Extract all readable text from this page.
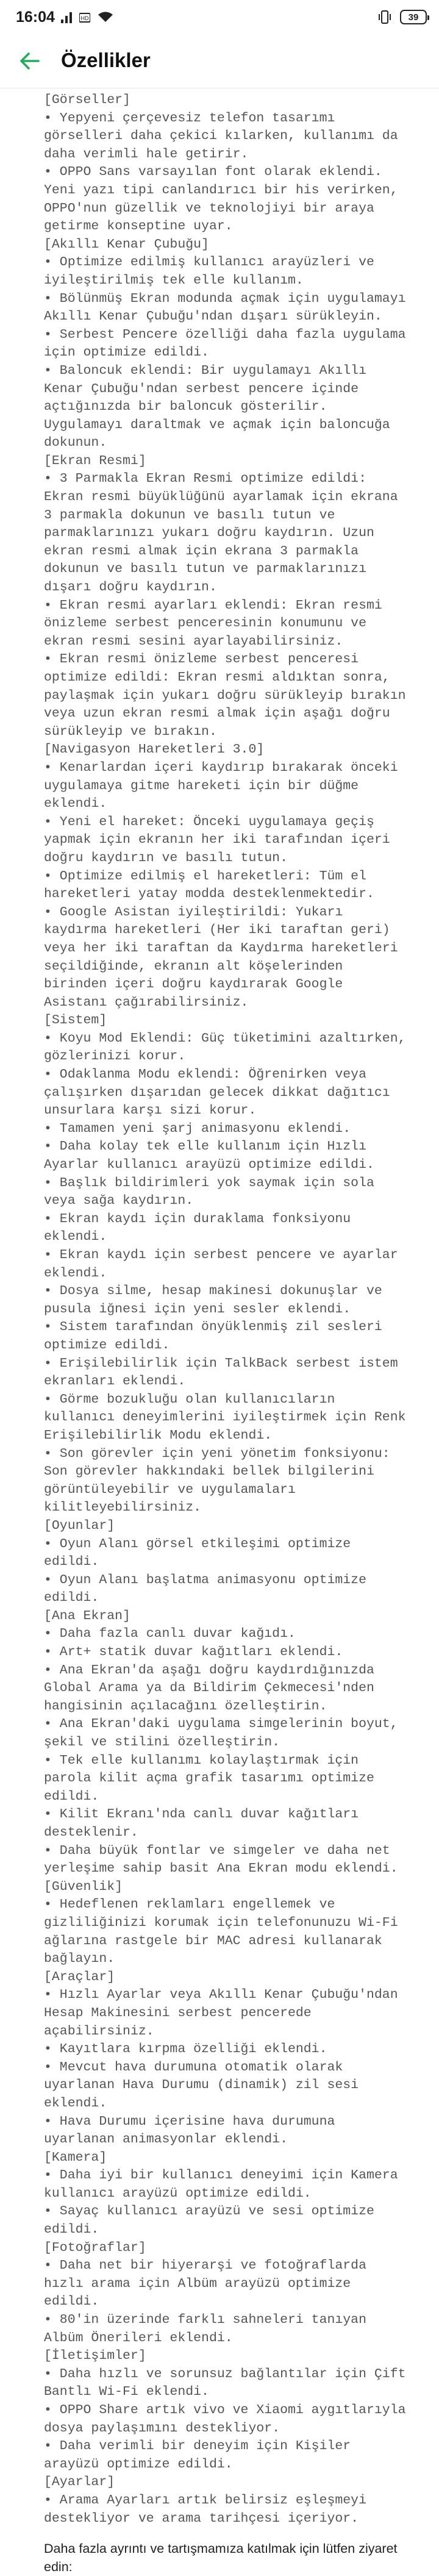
16:04	HD	39
Özellikler
[Görseller]
• Yepyeni çerçevesiz telefon tasarımı görselleri daha çekici kılarken, kullanımı da daha verimli hale getirir.
• OPPO Sans varsayılan font olarak eklendi. Yeni yazı tipi canlandırıcı bir his verirken, OPPO'nun güzellik ve teknolojiyi bir araya getirme konseptine uyar.
[Akıllı Kenar Çubuğu]
• Optimize edilmiş kullanıcı arayüzleri ve iyileştirilmiş tek elle kullanım.
• Bölünmüş Ekran modunda açmak için uygulamayı Akıllı Kenar Çubuğu'ndan dışarı sürükleyin.
• Serbest Pencere özelliği daha fazla uygulama için optimize edildi.
• Baloncuk eklendi: Bir uygulamayı Akıllı Kenar Çubuğu'ndan serbest pencere içinde açtığınızda bir baloncuk gösterilir. Uygulamayı daraltmak ve açmak için baloncuğa dokunun.
[Ekran Resmi]
• 3 Parmakla Ekran Resmi optimize edildi: Ekran resmi büyüklüğünü ayarlamak için ekrana 3 parmakla dokunun ve basılı tutun ve parmaklarınızı yukarı doğru kaydırın. Uzun ekran resmi almak için ekrana 3 parmakla dokunun ve basılı tutun ve parmaklarınızı dışarı doğru kaydırın.
• Ekran resmi ayarları eklendi: Ekran resmi önizleme serbest penceresinin konumunu ve ekran resmi sesini ayarlayabilirsiniz.
• Ekran resmi önizleme serbest penceresi optimize edildi: Ekran resmi aldıktan sonra, paylaşmak için yukarı doğru sürükleyip bırakın veya uzun ekran resmi almak için aşağı doğru sürükleyip ve bırakın.
[Navigasyon Hareketleri 3.0]
• Kenarlardan içeri kaydırıp bırakarak önceki uygulamaya gitme hareketi için bir düğme eklendi.
• Yeni el hareket: Önceki uygulamaya geçiş yapmak için ekranın her iki tarafından içeri doğru kaydırın ve basılı tutun.
• Optimize edilmiş el hareketleri: Tüm el hareketleri yatay modda desteklenmektedir.
• Google Asistan iyileştirildi: Yukarı kaydırma hareketleri (Her iki taraftan geri) veya her iki taraftan da Kaydırma hareketleri seçildiğinde, ekranın alt köşelerinden birinden içeri doğru kaydırarak Google Asistanı çağırabilirsiniz.
[Sistem]
• Koyu Mod Eklendi: Güç tüketimini azaltırken, gözlerinizi korur.
• Odaklanma Modu eklendi: Öğrenirken veya çalışırken dışarıdan gelecek dikkat dağıtıcı unsurlara karşı sizi korur.
• Tamamen yeni şarj animasyonu eklendi.
• Daha kolay tek elle kullanım için Hızlı Ayarlar kullanıcı arayüzü optimize edildi.
• Başlık bildirimleri yok saymak için sola veya sağa kaydırın.
• Ekran kaydı için duraklama fonksiyonu eklendi.
• Ekran kaydı için serbest pencere ve ayarlar eklendi.
• Dosya silme, hesap makinesi dokunuşlar ve pusula iğnesi için yeni sesler eklendi.
• Sistem tarafından önyüklenmiş zil sesleri optimize edildi.
• Erişilebilirlik için TalkBack serbest istem ekranları eklendi.
• Görme bozukluğu olan kullanıcıların kullanıcı deneyimlerini iyileştirmek için Renk Erişilebilirlik Modu eklendi.
• Son görevler için yeni yönetim fonksiyonu: Son görevler hakkındaki bellek bilgilerini görüntüleyebilir ve uygulamaları kilitleyebilirsiniz.
[Oyunlar]
• Oyun Alanı görsel etkileşimi optimize edildi.
• Oyun Alanı başlatma animasyonu optimize edildi.
[Ana Ekran]
• Daha fazla canlı duvar kağıdı.
• Art+ statik duvar kağıtları eklendi.
• Ana Ekran'da aşağı doğru kaydırdığınızda Global Arama ya da Bildirim Çekmecesi'nden hangisinin açılacağını özelleştirin.
• Ana Ekran'daki uygulama simgelerinin boyut, şekil ve stilini özelleştirin.
• Tek elle kullanımı kolaylaştırmak için parola kilit açma grafik tasarımı optimize edildi.
• Kilit Ekranı'nda canlı duvar kağıtları desteklenir.
• Daha büyük fontlar ve simgeler ve daha net yerleşime sahip basit Ana Ekran modu eklendi.
[Güvenlik]
• Hedeflenen reklamları engellemek ve gizliliğinizi korumak için telefonunuzu Wi-Fi ağlarına rastgele bir MAC adresi kullanarak bağlayın.
[Araçlar]
• Hızlı Ayarlar veya Akıllı Kenar Çubuğu'ndan Hesap Makinesini serbest pencerede açabilirsiniz.
• Kayıtlara kırpma özelliği eklendi.
• Mevcut hava durumuna otomatik olarak uyarlanan Hava Durumu (dinamik) zil sesi eklendi.
• Hava Durumu içerisine hava durumuna uyarlanan animasyonlar eklendi.
[Kamera]
• Daha iyi bir kullanıcı deneyimi için Kamera kullanıcı arayüzü optimize edildi.
• Sayaç kullanıcı arayüzü ve sesi optimize edildi.
[Fotoğraflar]
• Daha net bir hiyerarşi ve fotoğraflarda hızlı arama için Albüm arayüzü optimize edildi.
• 80'in üzerinde farklı sahneleri tanıyan Albüm Önerileri eklendi.
[İletişimler]
• Daha hızlı ve sorunsuz bağlantılar için Çift Bantlı Wi-Fi eklendi.
• OPPO Share artık vivo ve Xiaomi aygıtlarıyla dosya paylaşımını destekliyor.
• Daha verimli bir deneyim için Kişiler arayüzü optimize edildi.
[Ayarlar]
• Arama Ayarları artık belirsiz eşleşmeyi destekliyor ve arama tarihçesi içeriyor.
Daha fazla ayrıntı ve tartışmamıza katılmak için lütfen ziyaret edin:
